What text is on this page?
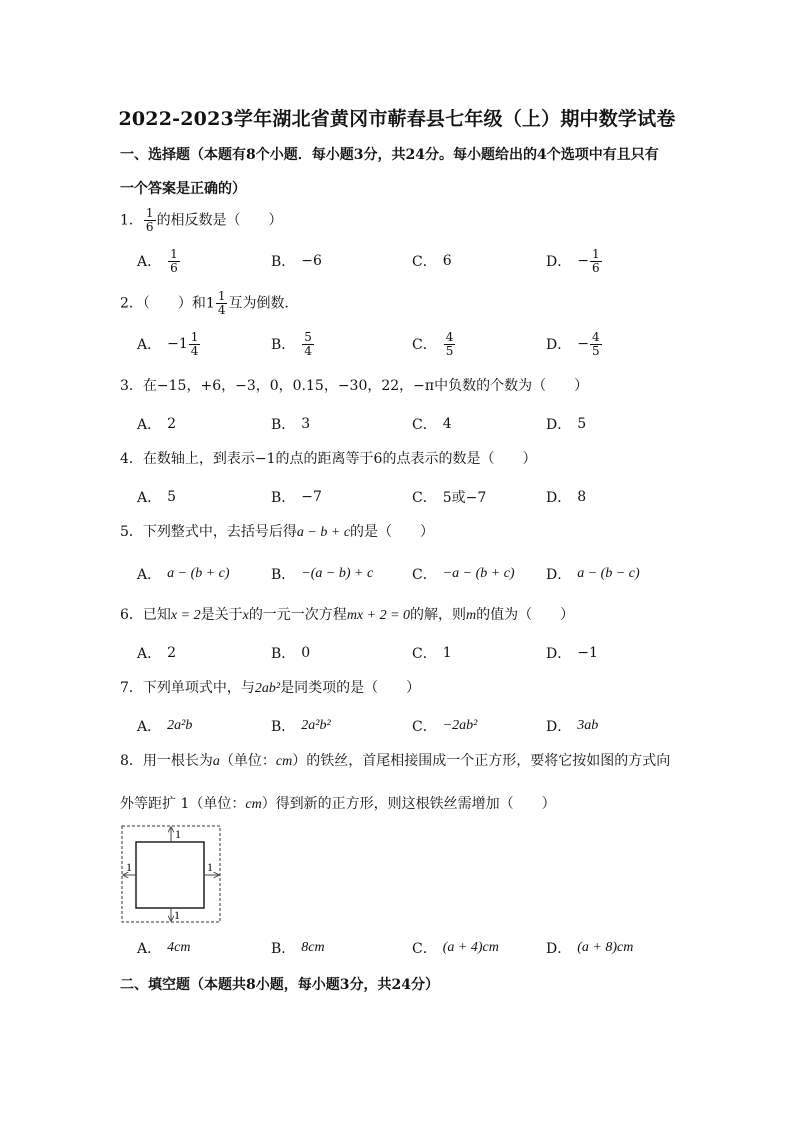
2022-2023学年湖北省黄冈市蕲春县七年级（上）期中数学试卷
一、选择题（本题有8个小题．每小题3分，共24分。每小题给出的4个选项中有且只有
一个答案是正确的）
1． $\frac{1}{6}$ 的相反数是（　　）
A． $\frac{1}{6}$	B． −6	C． 6	D． − $\frac{1}{6}$
2．（　　）和$1 \frac{1}{4}$ 互为倒数．
A． $-1 \frac{1}{4}$	B． $\frac{5}{4}$	C． $\frac{4}{5}$	D． − $\frac{4}{5}$
3．在−15，+6，−3，0，0.15，−30，22，−π中负数的个数为（　　）
A． 2	B． 3	C． 4	D． 5
4．在数轴上，到表示−1的点的距离等于6的点表示的数是（　　）
A． 5	B． −7	C． 5或−7	D． 8
5．下列整式中，去括号后得a − b + c的是（　　）
A． a − (b + c)	B． −(a − b) + c	C． −a − (b + c) D． a − (b − c)
6．已知x = 2是关于x的一元一次方程mx + 2 = 0的解，则m的值为（　　）
A． 2	B． 0	C． 1	D． −1
7．下列单项式中，与2ab²是同类项的是（　　）
A． 2a²b	B． 2a²b²	C． −2ab²	D． 3ab
8．用一根长为a（单位：cm）的铁丝，首尾相接围成一个正方形，要将它按如图的方式向
外等距扩 1（单位：cm）得到新的正方形，则这根铁丝需增加（　　）
1
1
1	1
A． 4cm	B． 8cm	C． (a + 4)cm	D． (a + 8)cm
二、填空题（本题共8小题，每小题3分，共24分）
